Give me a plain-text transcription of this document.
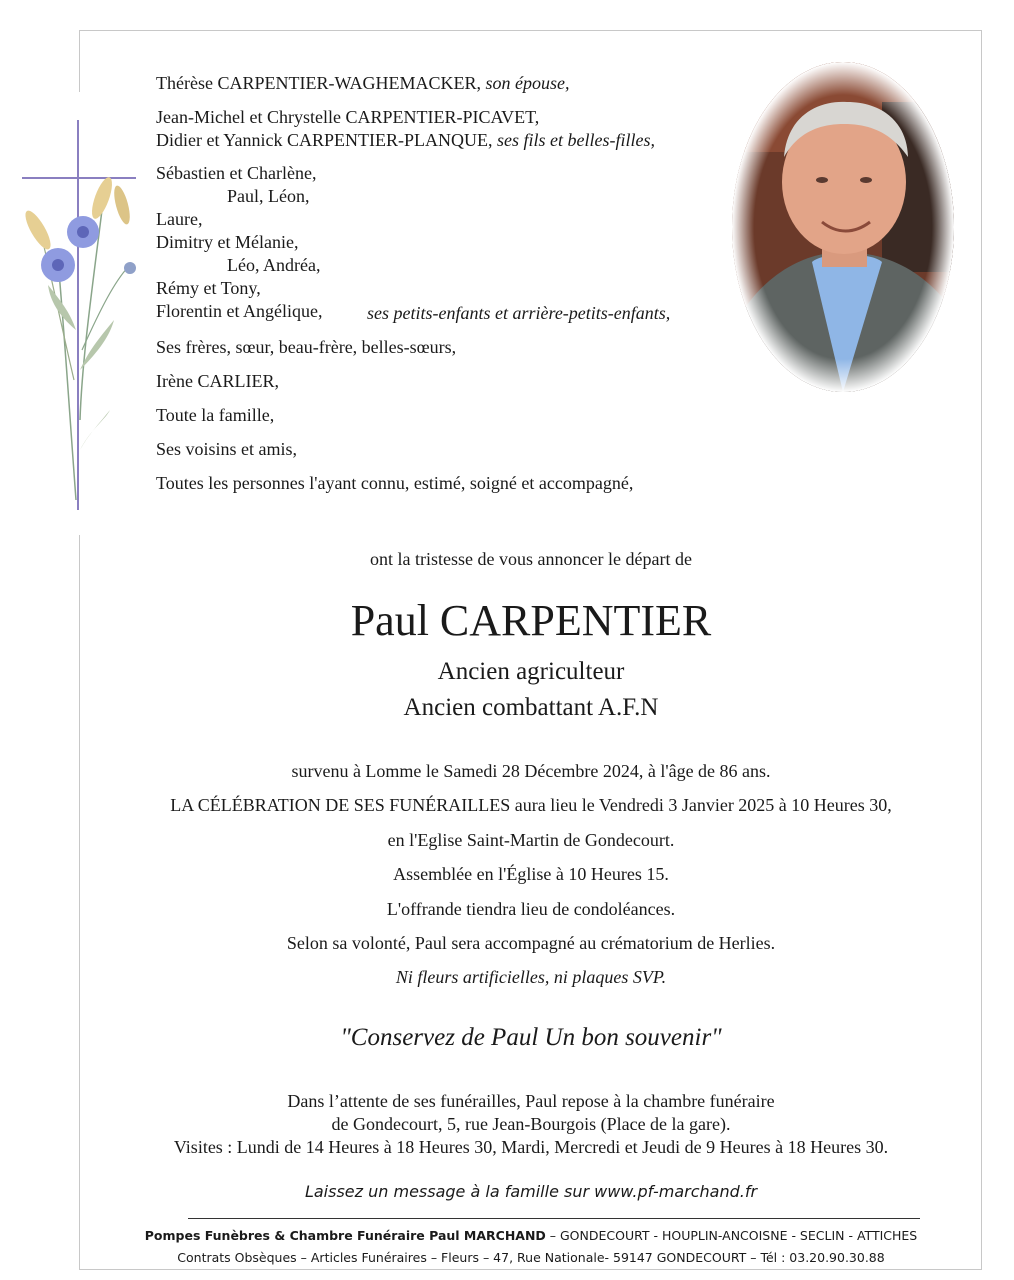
Thérèse CARPENTIER-WAGHEMACKER, son épouse,
Jean-Michel et Chrystelle CARPENTIER-PICAVET,
Didier et Yannick CARPENTIER-PLANQUE, ses fils et belles-filles,
Sébastien et Charlène,
Paul, Léon,
Laure,
Dimitry et Mélanie,
Léo, Andréa,
Rémy et Tony,
Florentin et Angélique, ses petits-enfants et arrière-petits-enfants,
Ses frères, sœur, beau-frère, belles-sœurs,
Irène CARLIER,
Toute la famille,
Ses voisins et amis,
Toutes les personnes l'ayant connu, estimé, soigné et accompagné,
ont la tristesse de vous annoncer le départ de
Paul CARPENTIER
Ancien agriculteur
Ancien combattant A.F.N
survenu à Lomme le Samedi 28 Décembre 2024, à l'âge de 86 ans.
LA CÉLÉBRATION DE SES FUNÉRAILLES aura lieu le Vendredi 3 Janvier 2025 à 10 Heures 30,
en l'Eglise Saint-Martin de Gondecourt.
Assemblée en l'Église à 10 Heures 15.
L'offrande tiendra lieu de condoléances.
Selon sa volonté, Paul sera accompagné au crématorium de Herlies.
Ni fleurs artificielles, ni plaques SVP.
"Conservez de Paul Un bon souvenir"
Dans l’attente de ses funérailles, Paul repose à la chambre funéraire
de Gondecourt, 5, rue Jean-Bourgois (Place de la gare).
Visites : Lundi de 14 Heures à 18 Heures 30, Mardi, Mercredi et Jeudi de 9 Heures à 18 Heures 30.
Laissez un message à la famille sur www.pf-marchand.fr
Pompes Funèbres & Chambre Funéraire Paul MARCHAND – GONDECOURT - HOUPLIN-ANCOISNE - SECLIN - ATTICHES
Contrats Obsèques – Articles Funéraires – Fleurs – 47, Rue Nationale- 59147 GONDECOURT – Tél : 03.20.90.30.88
